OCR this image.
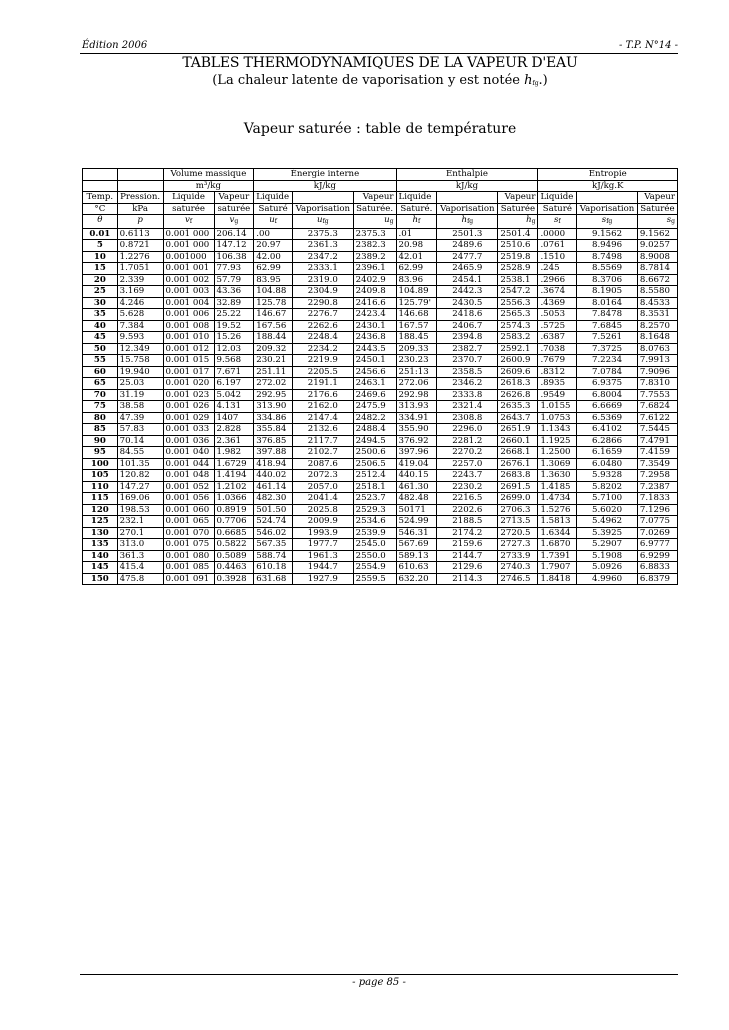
Édition 2006	- T.P. N°14 -
TABLES THERMODYNAMIQUES DE LA VAPEUR D'EAU
(La chaleur latente de vaporisation y est notée hfg.)
Vapeur saturée : table de température
		Volume massique		Énergie interne			Enthalpie			Entropie		
		m³/kg		kJ/kg			kJ/kg			kJ/kg.K		
Temp.	Pression.	Liquide	Vapeur	Liquide		Vapeur	Liquide		Vapeur	Liquide		Vapeur
°C	kPa	saturée	saturée	Saturé	Vaporisation	Saturée.	Saturé.	Vaporisation	Saturée	Saturé	Vaporisation	Saturée
θ	p	vf	vg	uf	ufg	ug	hf	hfg	hg	sf	sfg	sg
0.01	0.6113	0.001 000	206.14	.00	2375.3	2375.3	.01	2501.3	2501.4	.0000	9.1562	9.1562
5	0.8721	0.001 000	147.12	20.97	2361.3	2382.3	20.98	2489.6	2510.6	.0761	8.9496	9.0257
10	1.2276	0.001000	106.38	42.00	2347.2	2389.2	42.01	2477.7	2519.8	.1510	8.7498	8.9008
15	1.7051	0.001 001	77.93	62.99	2333.1	2396.1	62.99	2465.9	2528.9	.245	8.5569	8.7814
20	2.339	0.001 002	57.79	83.95	2319.0	2402.9	83.96	2454.1	2538.1	.2966	8.3706	8.6672
25	3.169	0.001 003	43.36	104.88	2304.9	2409.8	104.89	2442.3	2547.2	.3674	8.1905	8.5580
30	4.246	0.001 004	32.89	125.78	2290.8	2416.6	125.79'	2430.5	2556.3	.4369	8.0164	8.4533
35	5.628	0.001 006	25.22	146.67	2276.7	2423.4	146.68	2418.6	2565.3	.5053	7.8478	8.3531
40	7.384	0.001 008	19.52	167.56	2262.6	2430.1	167.57	2406.7	2574.3	.5725	7.6845	8.2570
45	9.593	0.001 010	15.26	188.44	2248.4	2436.8	188.45	2394.8	2583.2	.6387	7.5261	8.1648
50	12.349	0.001 012	12.03	209.32	2234.2	2443.5	209.33	2382.7	2592.1	.7038	7.3725	8.0763
55	15.758	0.001 015	9.568	230.21	2219.9	2450.1	230.23	2370.7	2600.9	.7679	7.2234	7.9913
60	19.940	0.001 017	7.671	251.11	2205.5	2456.6	251:13	2358.5	2609.6	.8312	7.0784	7.9096
65	25.03	0.001 020	6.197	272.02	2191.1	2463.1	272.06	2346.2	2618.3	.8935	6.9375	7.8310
70	31.19	0.001 023	5.042	292.95	2176.6	2469.6	292.98	2333.8	2626.8	.9549	6.8004	7.7553
75	38.58	0.001 026	4.131	313.90	2162.0	2475.9	313.93	2321.4	2635.3	1.0155	6.6669	7.6824
80	47.39	0.001 029	1407	334.86	2147.4	2482.2	334.91	2308.8	2643.7	1.0753	6.5369	7.6122
85	57.83	0.001 033	2.828	355.84	2132.6	2488.4	355.90	2296.0	2651.9	1.1343	6.4102	7.5445
90	70.14	0.001 036	2.361	376.85	2117.7	2494.5	376.92	2281.2	2660.1	1.1925	6.2866	7.4791
95	84.55	0.001 040	1.982	397.88	2102.7	2500.6	397.96	2270.2	2668.1	1.2500	6.1659	7.4159
100	101.35	0.001 044	1.6729	418.94	2087.6	2506.5	419.04	2257.0	2676.1	1.3069	6.0480	7.3549
105	120.82	0.001 048	1.4194	440.02	2072.3	2512.4	440.15	2243.7	2683.8	1.3630	5.9328	7.2958
110	147.27	0.001 052	1.2102	461.14	2057.0	2518.1	461.30	2230.2	2691.5	1.4185	5.8202	7.2387
115	169.06	0.001 056	1.0366	482.30	2041.4	2523.7	482.48	2216.5	2699.0	1.4734	5.7100	7.1833
120	198.53	0.001 060	0.8919	501.50	2025.8	2529.3	50171	2202.6	2706.3	1.5276	5.6020	7.1296
125	232.1	0.001 065	0.7706	524.74	2009.9	2534.6	524.99	2188.5	2713.5	1.5813	5.4962	7.0775
130	270.1	0.001 070	0.6685	546.02	1993.9	2539.9	546.31	2174.2	2720.5	1.6344	5.3925	7.0269
135	313.0	0.001 075	0.5822	567.35	1977.7	2545.0	567.69	2159.6	2727.3	1.6870	5.2907	6.9777
140	361.3	0.001 080	0.5089	588.74	1961.3	2550.0	589.13	2144.7	2733.9	1.7391	5.1908	6.9299
145	415.4	0.001 085	0.4463	610.18	1944.7	2554.9	610.63	2129.6	2740.3	1.7907	5.0926	6.8833
150	475.8	0.001 091	0.3928	631.68	1927.9	2559.5	632.20	2114.3	2746.5	1.8418	4.9960	6.8379
- page 85 -
